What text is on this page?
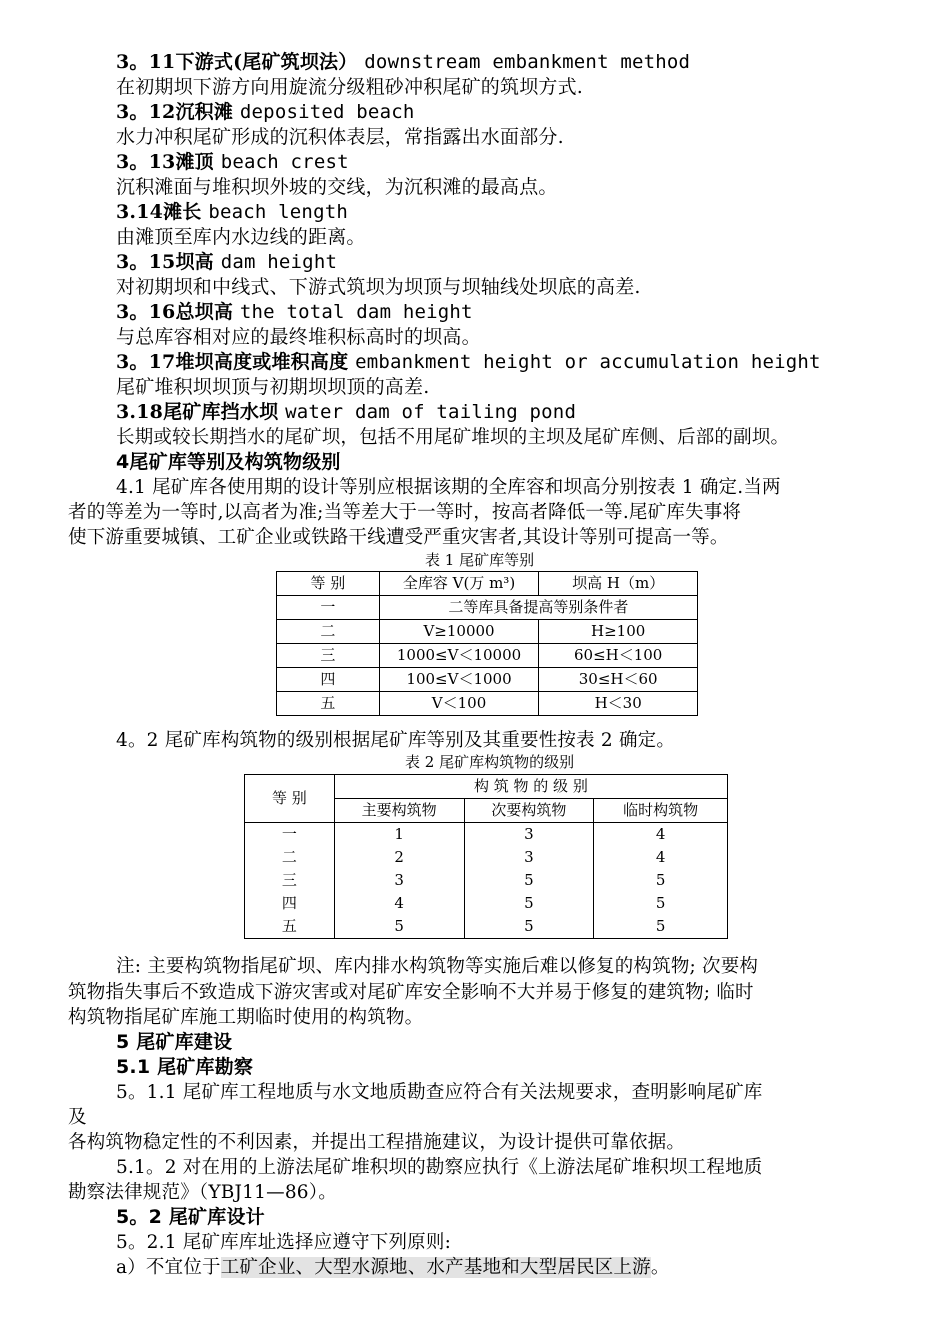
3。11下游式(尾矿筑坝法） downstream embankment method
在初期坝下游方向用旋流分级粗砂冲积尾矿的筑坝方式.
3。12沉积滩 deposited beach
水力冲积尾矿形成的沉积体表层，常指露出水面部分.
3。13滩顶 beach crest
沉积滩面与堆积坝外坡的交线，为沉积滩的最高点。
3.14滩长 beach length
由滩顶至库内水边线的距离。
3。15坝高 dam height
对初期坝和中线式、下游式筑坝为坝顶与坝轴线处坝底的高差.
3。16总坝高 the total dam height
与总库容相对应的最终堆积标高时的坝高。
3。17堆坝高度或堆积高度 embankment height or accumulation height
尾矿堆积坝坝顶与初期坝坝顶的高差.
3.18尾矿库挡水坝 water dam of tailing pond
长期或较长期挡水的尾矿坝，包括不用尾矿堆坝的主坝及尾矿库侧、后部的副坝。
4尾矿库等别及构筑物级别
4.1 尾矿库各使用期的设计等别应根据该期的全库容和坝高分别按表 1 确定.当两
者的等差为一等时,以高者为准;当等差大于一等时，按高者降低一等.尾矿库失事将
使下游重要城镇、工矿企业或铁路干线遭受严重灾害者,其设计等别可提高一等。
表 1 尾矿库等别
等 别	全库容 V(万 m³)	坝高 H（m）
一	二等库具备提高等别条件者	
二	V≥10000	H≥100
三	1000≤V＜10000	60≤H＜100
四	100≤V＜1000	30≤H＜60
五	V＜100	H＜30
4。2 尾矿库构筑物的级别根据尾矿库等别及其重要性按表 2 确定。
表 2 尾矿库构筑物的级别
等 别	构 筑 物 的 级 别		
	主要构筑物	次要构筑物	临时构筑物
一	1	3	4
二	2	3	4
三	3	5	5
四	4	5	5
五	5	5	5
注: 主要构筑物指尾矿坝、库内排水构筑物等实施后难以修复的构筑物; 次要构
筑物指失事后不致造成下游灾害或对尾矿库安全影响不大并易于修复的建筑物; 临时
构筑物指尾矿库施工期临时使用的构筑物。
5 尾矿库建设
5.1 尾矿库勘察
5。1.1 尾矿库工程地质与水文地质勘查应符合有关法规要求，查明影响尾矿库
及
各构筑物稳定性的不利因素，并提出工程措施建议，为设计提供可靠依据。
5.1。2 对在用的上游法尾矿堆积坝的勘察应执行《上游法尾矿堆积坝工程地质
勘察法律规范》（YBJ11—86）。
5。2 尾矿库设计
5。2.1 尾矿库库址选择应遵守下列原则:
a）不宜位于工矿企业、大型水源地、水产基地和大型居民区上游。
